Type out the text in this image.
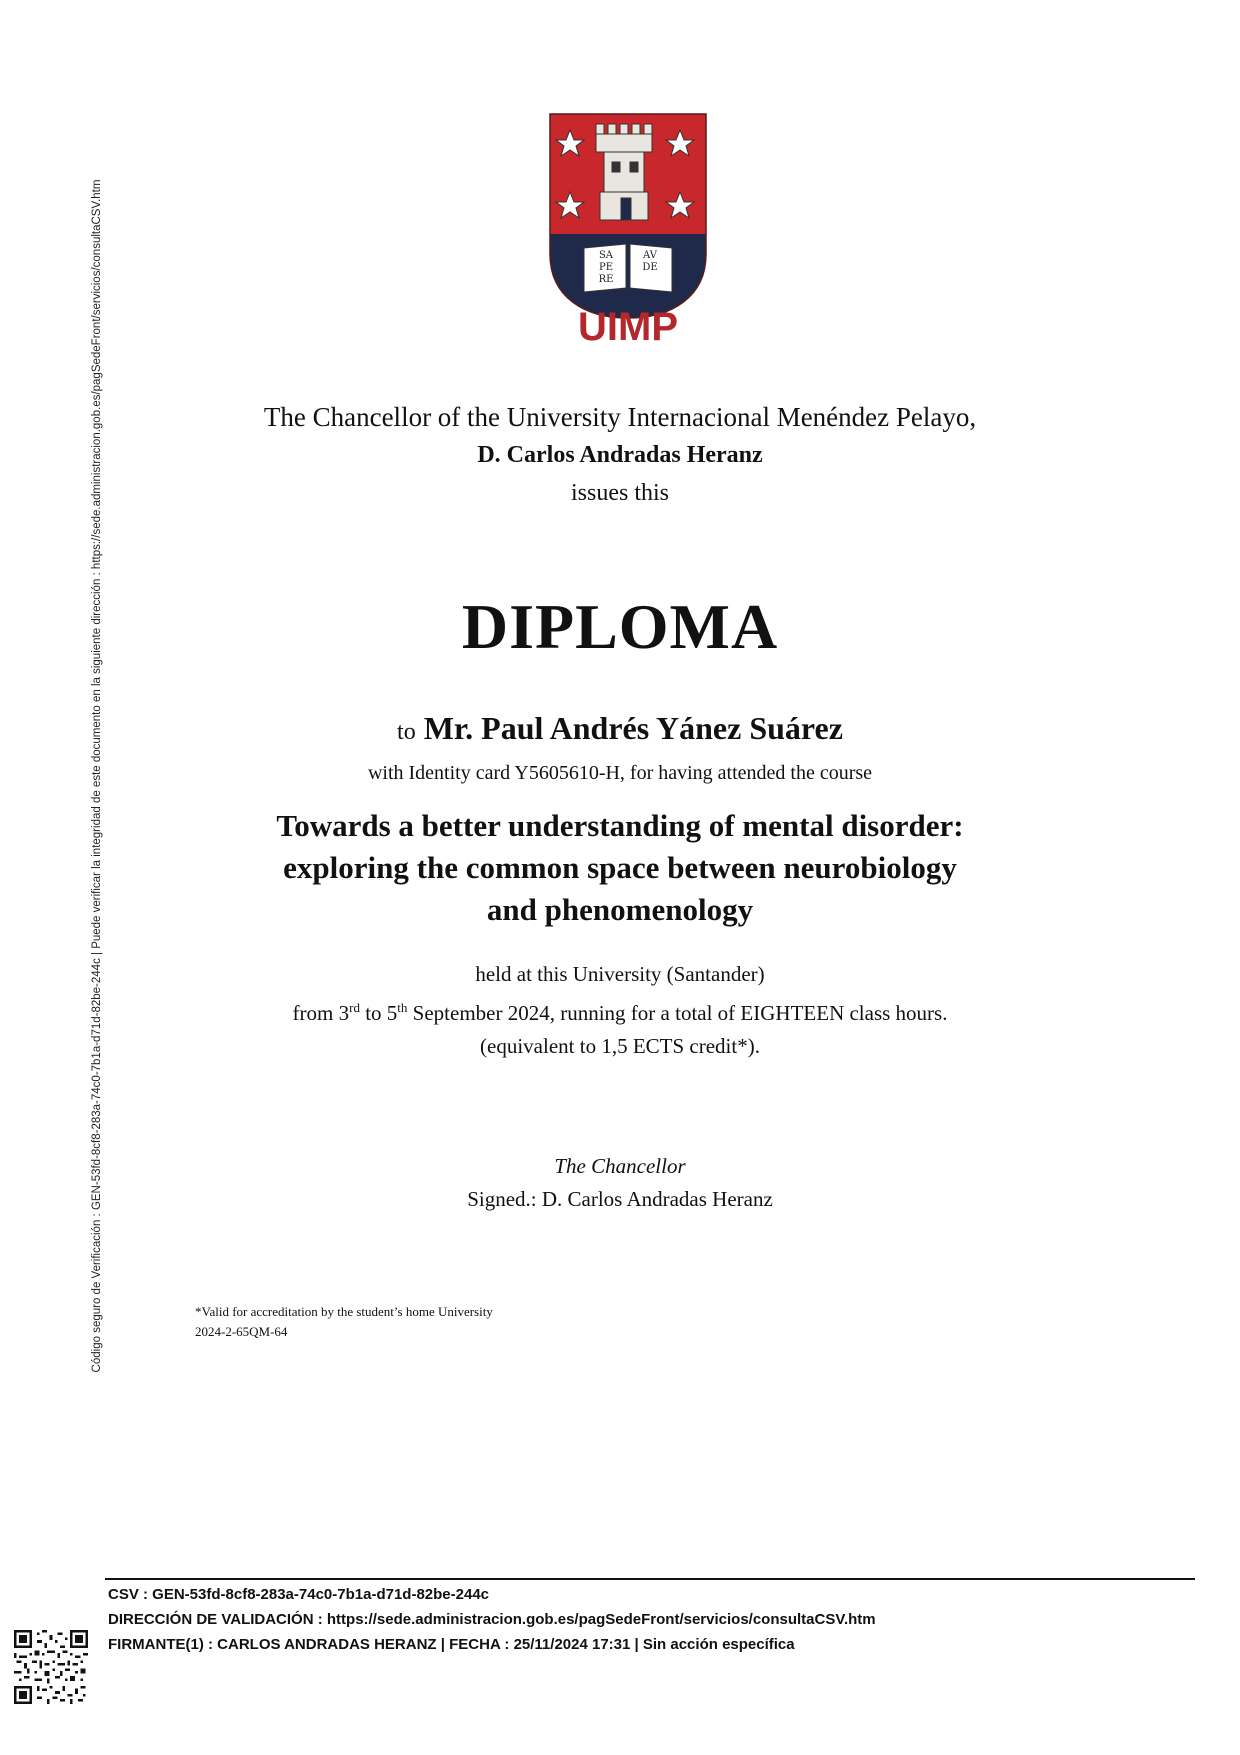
Código seguro de Verificación : GEN-53fd-8cf8-283a-74c0-7b1a-d71d-82be-244c | Puede verificar la integridad de este documento en la siguiente dirección : https://sede.administracion.gob.es/pagSedeFront/servicios/consultaCSV.htm	SA
PE
RE
AV
DE
UIMP
The Chancellor of the University Internacional Menéndez Pelayo,
D. Carlos Andradas Heranz
issues this
DIPLOMA
to Mr. Paul Andrés Yánez Suárez
with Identity card Y5605610-H, for having attended the course
Towards a better understanding of mental disorder:
exploring the common space between neurobiology
and phenomenology
held at this University (Santander)
from 3rd to 5th September 2024, running for a total of EIGHTEEN class hours.
(equivalent to 1,5 ECTS credit*).
The Chancellor
Signed.: D. Carlos Andradas Heranz
*Valid for accreditation by the student’s home University
2024-2-65QM-64
CSV : GEN-53fd-8cf8-283a-74c0-7b1a-d71d-82be-244c
DIRECCIÓN DE VALIDACIÓN : https://sede.administracion.gob.es/pagSedeFront/servicios/consultaCSV.htm
FIRMANTE(1) : CARLOS ANDRADAS HERANZ | FECHA : 25/11/2024 17:31 | Sin acción específica
